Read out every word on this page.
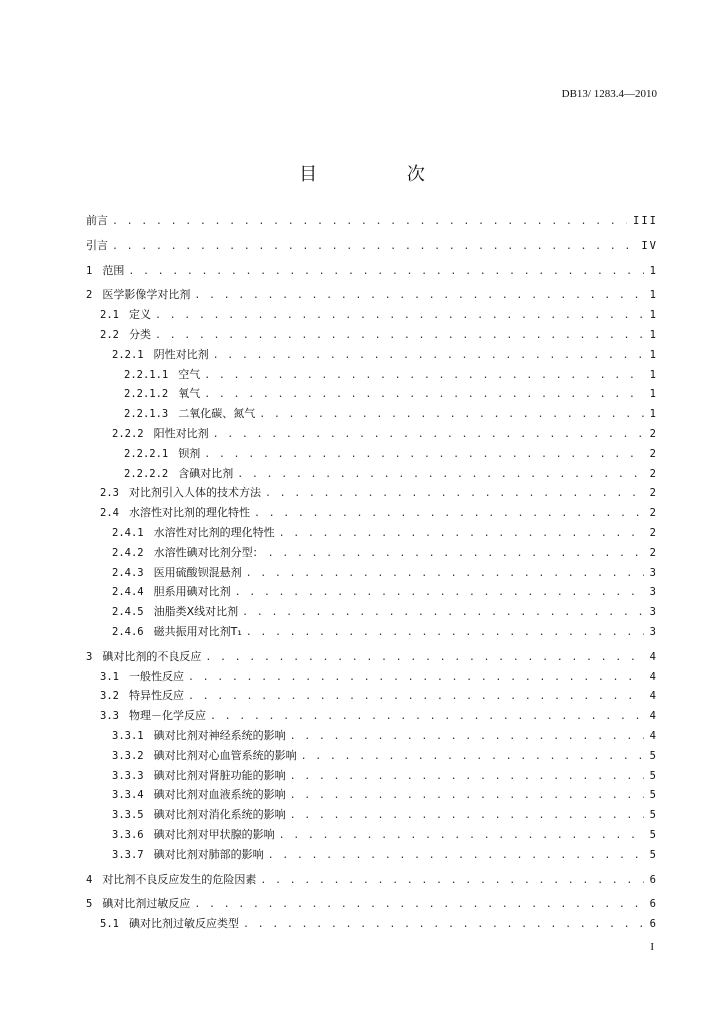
DB13/ 1283.4—2010
目 次
前言 . . .	III
引言 . . .	IV
1 范围 . . .	1
2 医学影像学对比剂 . . .	1
2.1 定义 . . .	1
2.2 分类 . . .	1
2.2.1 阴性对比剂 . . .	1
2.2.1.1 空气 . . .	1
2.2.1.2 氧气 . . .	1
2.2.1.3 二氧化碳、氮气 . . .	1
2.2.2 阳性对比剂 . . .	2
2.2.2.1 钡剂 . . .	2
2.2.2.2 含碘对比剂 . . .	2
2.3 对比剂引入人体的技术方法 . . .	2
2.4 水溶性对比剂的理化特性 . . .	2
2.4.1 水溶性对比剂的理化特性 . . .	2
2.4.2 水溶性碘对比剂分型： . . .	2
2.4.3 医用硫酸钡混悬剂 . . .	3
2.4.4 胆系用碘对比剂 . . .	3
2.4.5 油脂类X线对比剂 . . .	3
2.4.6 磁共振用对比剂T₁ . . .	3
3 碘对比剂的不良反应 . . .	4
3.1 一般性反应 . . .	4
3.2 特异性反应 . . .	4
3.3 物理－化学反应 . . .	4
3.3.1 碘对比剂对神经系统的影响 . . .	4
3.3.2 碘对比剂对心血管系统的影响 . . .	5
3.3.3 碘对比剂对肾脏功能的影响 . . .	5
3.3.4 碘对比剂对血液系统的影响 . . .	5
3.3.5 碘对比剂对消化系统的影响 . . .	5
3.3.6 碘对比剂对甲状腺的影响 . . .	5
3.3.7 碘对比剂对肺部的影响 . . .	5
4 对比剂不良反应发生的危险因素 . . .	6
5 碘对比剂过敏反应 . . .	6
5.1 碘对比剂过敏反应类型 . . .	6
I
